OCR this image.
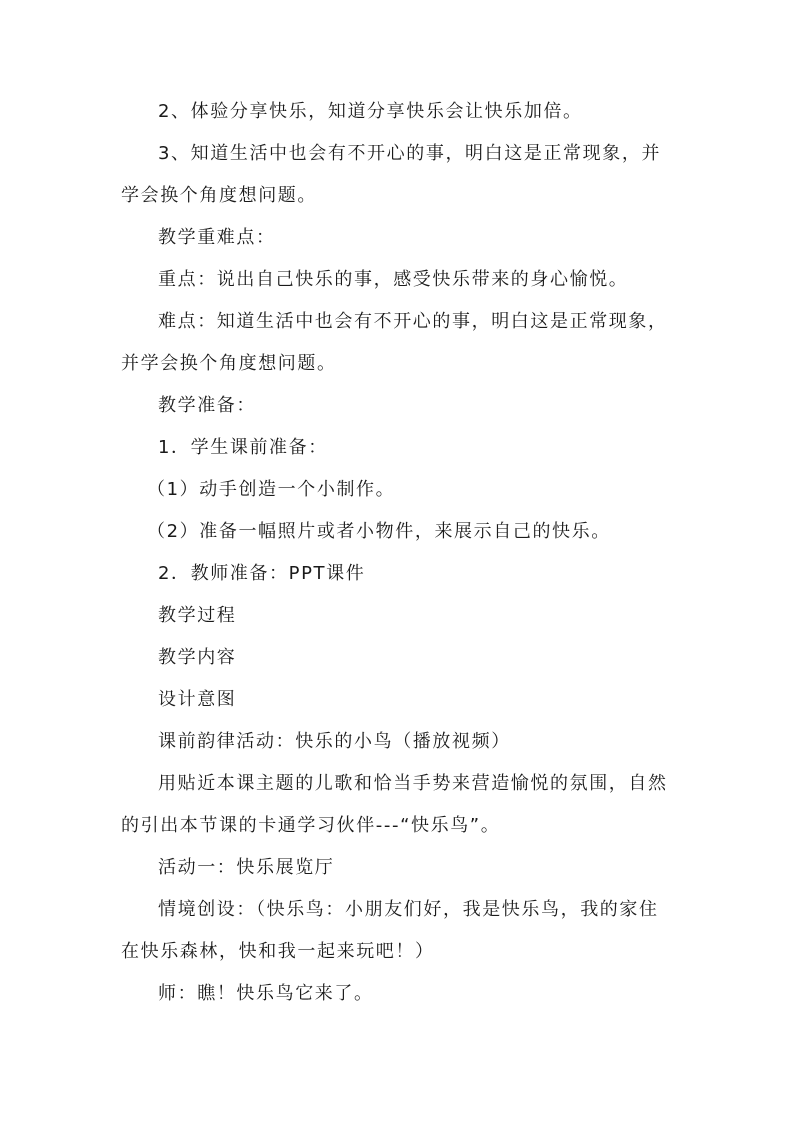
2、体验分享快乐，知道分享快乐会让快乐加倍。

3、知道生活中也会有不开心的事，明白这是正常现象，并学会换个角度想问题。

教学重难点：

重点：说出自己快乐的事，感受快乐带来的身心愉悦。

难点：知道生活中也会有不开心的事，明白这是正常现象，并学会换个角度想问题。

教学准备：

1．学生课前准备：

（1）动手创造一个小制作。

（2）准备一幅照片或者小物件，来展示自己的快乐。

2．教师准备：PPT课件

教学过程

教学内容

设计意图

课前韵律活动：快乐的小鸟（播放视频）

用贴近本课主题的儿歌和恰当手势来营造愉悦的氛围，自然的引出本节课的卡通学习伙伴---“快乐鸟”。

活动一：快乐展览厅

情境创设：（快乐鸟：小朋友们好，我是快乐鸟，我的家住在快乐森林，快和我一起来玩吧！）

师：瞧！快乐鸟它来了。
